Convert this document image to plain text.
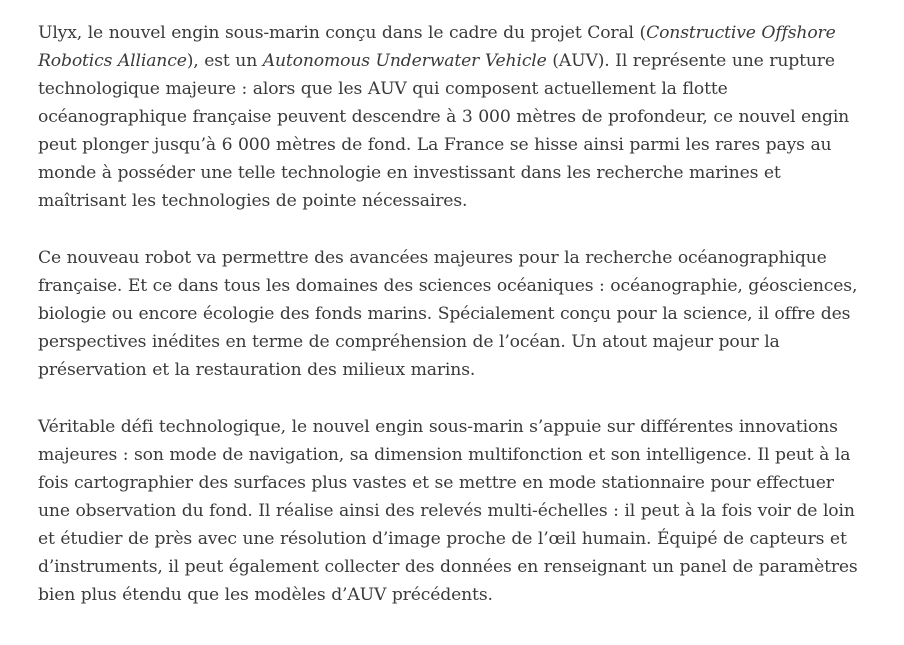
Ulyx, le nouvel engin sous-marin conçu dans le cadre du projet Coral (Constructive Offshore Robotics Alliance), est un Autonomous Underwater Vehicle (AUV). Il représente une rupture technologique majeure : alors que les AUV qui composent actuellement la flotte océanographique française peuvent descendre à 3 000 mètres de profondeur, ce nouvel engin peut plonger jusqu’à 6 000 mètres de fond. La France se hisse ainsi parmi les rares pays au monde à posséder une telle technologie en investissant dans les recherche marines et maîtrisant les technologies de pointe nécessaires.

Ce nouveau robot va permettre des avancées majeures pour la recherche océanographique française. Et ce dans tous les domaines des sciences océaniques : océanographie, géosciences, biologie ou encore écologie des fonds marins. Spécialement conçu pour la science, il offre des perspectives inédites en terme de compréhension de l’océan. Un atout majeur pour la préservation et la restauration des milieux marins.

Véritable défi technologique, le nouvel engin sous-marin s’appuie sur différentes innovations majeures : son mode de navigation, sa dimension multifonction et son intelligence. Il peut à la fois cartographier des surfaces plus vastes et se mettre en mode stationnaire pour effectuer une observation du fond. Il réalise ainsi des relevés multi-échelles : il peut à la fois voir de loin et étudier de près avec une résolution d’image proche de l’œil humain. Équipé de capteurs et d’instruments, il peut également collecter des données en renseignant un panel de paramètres bien plus étendu que les modèles d’AUV précédents.
